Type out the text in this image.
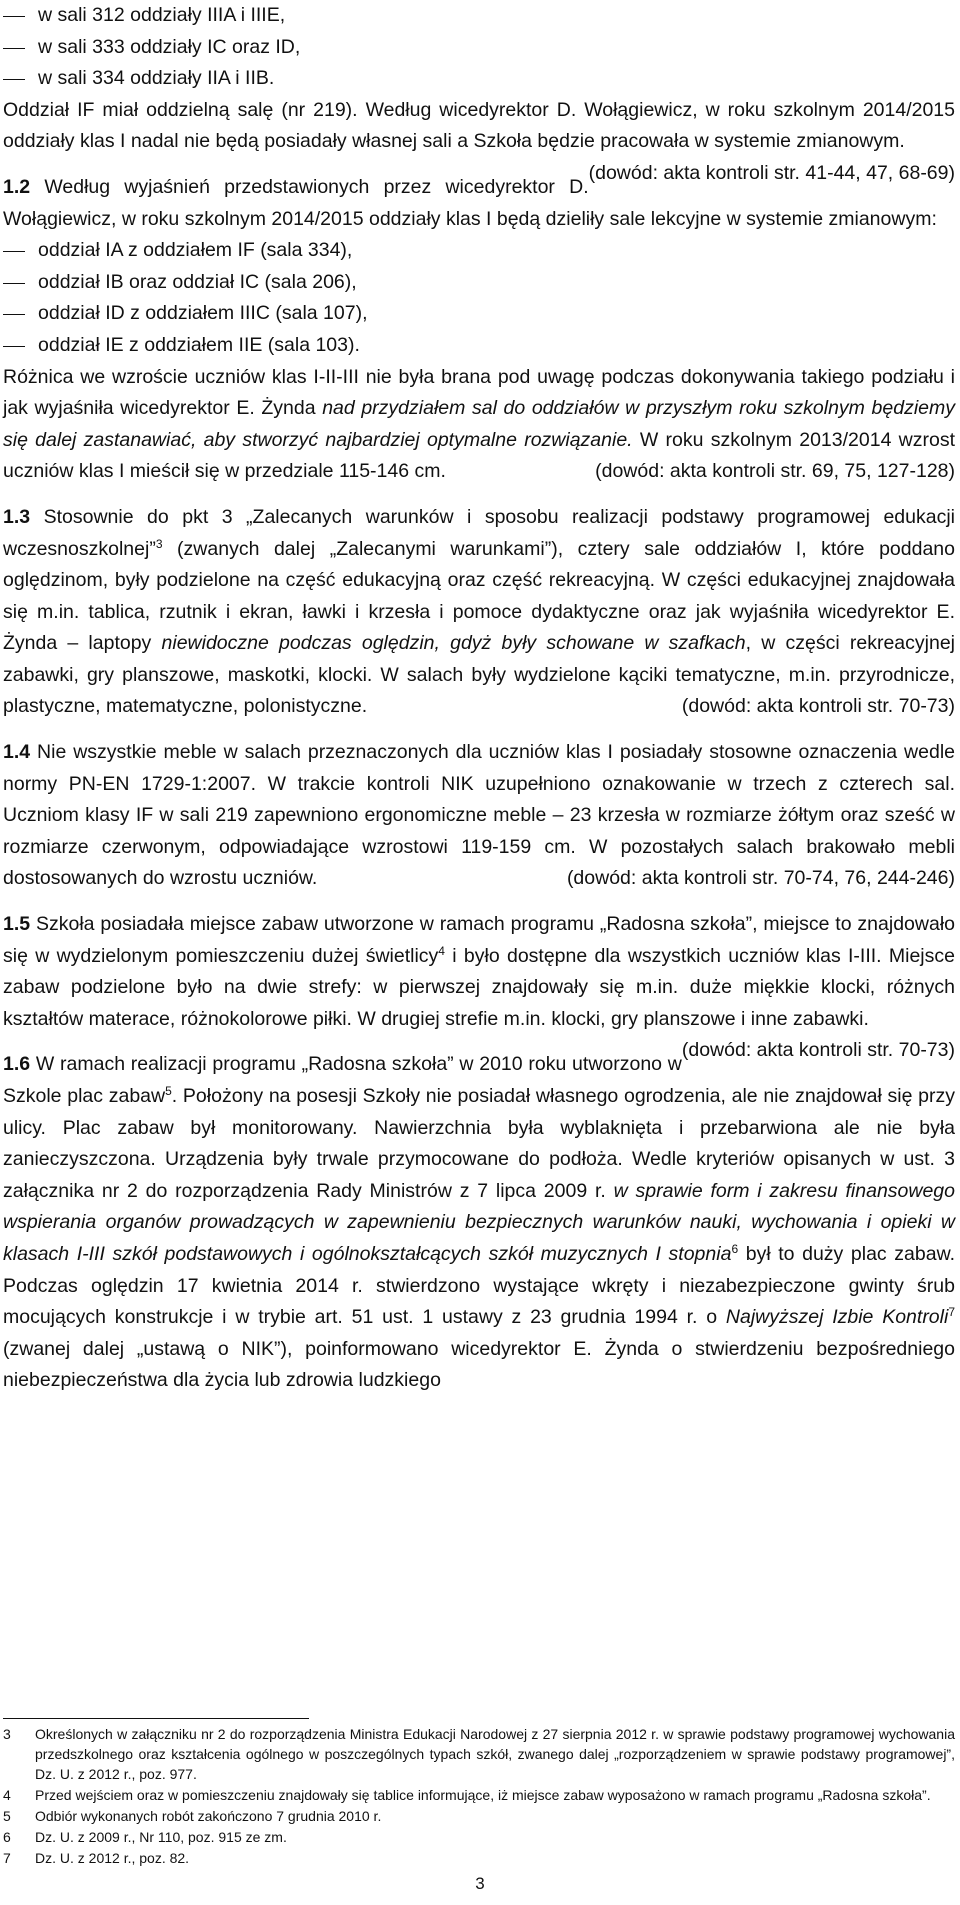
w sali 312 oddziały IIIA i IIIE,
w sali 333 oddziały IC oraz ID,
w sali 334 oddziały IIA i IIB.

Oddział IF miał oddzielną salę (nr 219). Według wicedyrektor D. Wołągiewicz, w roku szkolnym 2014/2015 oddziały klas I nadal nie będą posiadały własnej sali a Szkoła będzie pracowała w systemie zmianowym.
(dowód: akta kontroli str. 41-44, 47, 68-69)

1.2 Według wyjaśnień przedstawionych przez wicedyrektor D. Wołągiewicz, w roku szkolnym 2014/2015 oddziały klas I będą dzieliły sale lekcyjne w systemie zmianowym:

oddział IA z oddziałem IF (sala 334),
oddział IB oraz oddział IC (sala 206),
oddział ID z oddziałem IIIC (sala 107),
oddział IE z oddziałem IIE (sala 103).

Różnica we wzroście uczniów klas I-II-III nie była brana pod uwagę podczas dokonywania takiego podziału i jak wyjaśniła wicedyrektor E. Żynda nad przydziałem sal do oddziałów w przyszłym roku szkolnym będziemy się dalej zastanawiać, aby stworzyć najbardziej optymalne rozwiązanie. W roku szkolnym 2013/2014 wzrost uczniów klas I mieścił się w przedziale 115-146 cm.	(dowód: akta kontroli str. 69, 75, 127-128)

1.3 Stosownie do pkt 3 „Zalecanych warunków i sposobu realizacji podstawy programowej edukacji wczesnoszkolnej”$^3$ (zwanych dalej „Zalecanymi warunkami”), cztery sale oddziałów I, które poddano oględzinom, były podzielone na część edukacyjną oraz część rekreacyjną. W części edukacyjnej znajdowała się m.in. tablica, rzutnik i ekran, ławki i krzesła i pomoce dydaktyczne oraz jak wyjaśniła wicedyrektor E. Żynda – laptopy niewidoczne podczas oględzin, gdyż były schowane w szafkach, w części rekreacyjnej zabawki, gry planszowe, maskotki, klocki. W salach były wydzielone kąciki tematyczne, m.in. przyrodnicze, plastyczne, matematyczne, polonistyczne.	(dowód: akta kontroli str. 70-73)

1.4 Nie wszystkie meble w salach przeznaczonych dla uczniów klas I posiadały stosowne oznaczenia wedle normy PN-EN 1729-1:2007. W trakcie kontroli NIK uzupełniono oznakowanie w trzech z czterech sal. Uczniom klasy IF w sali 219 zapewniono ergonomiczne meble – 23 krzesła w rozmiarze żółtym oraz sześć w rozmiarze czerwonym, odpowiadające wzrostowi 119-159 cm. W pozostałych salach brakowało mebli dostosowanych do wzrostu uczniów.	(dowód: akta kontroli str. 70-74, 76, 244-246)

1.5 Szkoła posiadała miejsce zabaw utworzone w ramach programu „Radosna szkoła”, miejsce to znajdowało się w wydzielonym pomieszczeniu dużej świetlicy$^4$ i było dostępne dla wszystkich uczniów klas I-III. Miejsce zabaw podzielone było na dwie strefy: w pierwszej znajdowały się m.in. duże miękkie klocki, różnych kształtów materace, różnokolorowe piłki. W drugiej strefie m.in. klocki, gry planszowe i inne zabawki.
(dowód: akta kontroli str. 70-73)

1.6 W ramach realizacji programu „Radosna szkoła” w 2010 roku utworzono w Szkole plac zabaw$^5$. Położony na posesji Szkoły nie posiadał własnego ogrodzenia, ale nie znajdował się przy ulicy. Plac zabaw był monitorowany. Nawierzchnia była wyblaknięta i przebarwiona ale nie była zanieczyszczona. Urządzenia były trwale przymocowane do podłoża. Wedle kryteriów opisanych w ust. 3 załącznika nr 2 do rozporządzenia Rady Ministrów z 7 lipca 2009 r. w sprawie form i zakresu finansowego wspierania organów prowadzących w zapewnieniu bezpiecznych warunków nauki, wychowania i opieki w klasach I-III szkół podstawowych i ogólnokształcących szkół muzycznych I stopnia$^6$ był to duży plac zabaw. Podczas oględzin 17 kwietnia 2014 r. stwierdzono wystające wkręty i niezabezpieczone gwinty śrub mocujących konstrukcje i w trybie art. 51 ust. 1 ustawy z 23 grudnia 1994 r. o Najwyższej Izbie Kontroli$^7$ (zwanej dalej „ustawą o NIK”), poinformowano wicedyrektor E. Żynda o stwierdzeniu bezpośredniego niebezpieczeństwa dla życia lub zdrowia ludzkiego

3 Określonych w załączniku nr 2 do rozporządzenia Ministra Edukacji Narodowej z 27 sierpnia 2012 r. w sprawie podstawy programowej wychowania przedszkolnego oraz kształcenia ogólnego w poszczególnych typach szkół, zwanego dalej „rozporządzeniem w sprawie podstawy programowej”, Dz. U. z 2012 r., poz. 977.
4 Przed wejściem oraz w pomieszczeniu znajdowały się tablice informujące, iż miejsce zabaw wyposażono w ramach programu „Radosna szkoła”.
5 Odbiór wykonanych robót zakończono 7 grudnia 2010 r.
6 Dz. U. z 2009 r., Nr 110, poz. 915 ze zm.
7 Dz. U. z 2012 r., poz. 82.
3
